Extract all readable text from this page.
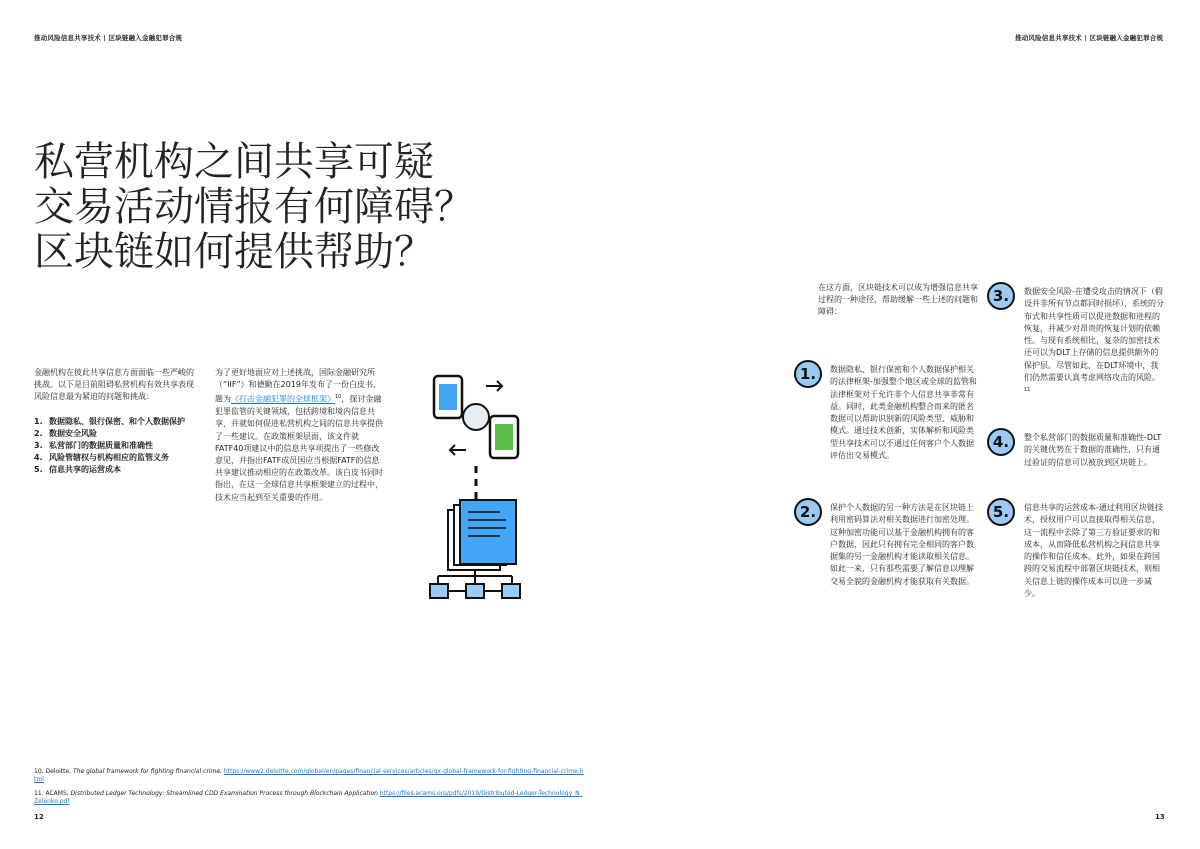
推动风险信息共享技术 | 区块链融入金融犯罪合规	推动风险信息共享技术 | 区块链融入金融犯罪合规
私营机构之间共享可疑
交易活动情报有何障碍？
区块链如何提供帮助？

金融机构在彼此共享信息方面面临一些严峻的挑战。以下是目前阻碍私营机构有效共享表现风险信息最为紧迫的问题和挑战：

1. 数据隐私、银行保密、和个人数据保护
2. 数据安全风险
3. 私营部门的数据质量和准确性
4. 风险管辖权与机构相应的监管义务
5. 信息共享的运营成本

为了更好地面应对上述挑战，国际金融研究所（“IIF”）和德勤在2019年发布了一份白皮书，题为《打击金融犯罪的全球框架》$^{10}$，探讨金融犯罪监管的关键领域，包括跨境和境内信息共享，并就如何促进私营机构之间的信息共享提供了一些建议。在政策框架层面，该文件就FATF40项建议中的信息共享项提出了一些修改意见，并指出FATF成员国应当根据FATF的信息共享建议推动相应的在政策改革。该白皮书同时指出，在这一全球信息共享框架建立的过程中，技术应当起到至关重要的作用。

在这方面，区块链技术可以成为增强信息共享过程的一种途径，帮助缓解一些上述的问题和障碍：
1.	数据隐私、银行保密和个人数据保护相关的法律框架-加强整个地区或全球的监管和法律框架对于允许非个人信息共享非常有益。同时，此类金融机构整合而来的匿名数据可以帮助识别新的风险类型、威胁和模式。通过技术创新，实体解析和风险类型共享技术可以不通过任何客户个人数据评估出交易模式。

2.	保护个人数据的另一种方法是在区块链上利用密码算法对相关数据进行加密处理。这种加密功能可以基于金融机构拥有的客户数据，因此只有拥有完全相同的客户数据集的另一金融机构才能读取相关信息。如此一来，只有那些需要了解信息以理解交易全貌的金融机构才能获取有关数据。

3.	数据安全风险-在遭受攻击的情况下（假设并非所有节点都同时损坏），系统的分布式和共享性质可以促进数据和进程的恢复，并减少对昂贵的恢复计划的依赖性。与现有系统相比，复杂的加密技术还可以为DLT上存储的信息提供额外的保护层。尽管如此，在DLT环境中，我们仍然需要认真考虑网络攻击的风险。$^{11}$

4.	整个私营部门的数据质量和准确性-DLT的关键优势在于数据的准确性，只有通过验证的信息可以被放到区块链上。

5.	信息共享的运营成本-通过利用区块链技术，授权用户可以直接取得相关信息，这一流程中去除了第三方验证要求的和成本，从而降低私营机构之间信息共享的操作和信任成本。此外，如果在跨国跨的交易流程中部署区块链技术，则相关信息上链的操作成本可以进一步减少。

10. Deloitte, The global framework for fighting financial crime, https://www2.deloitte.com/global/en/pages/financial-services/articles/gx-global-framework-for-fighting-financial-crime.html
11. ACAMS, Distributed Ledger Technology: Streamlined CDD Examination Process through Blockchain Application https://files.acams.org/pdfs/2019/Distributed-Ledger-Technology_N_Zelenko.pdf
12	13
